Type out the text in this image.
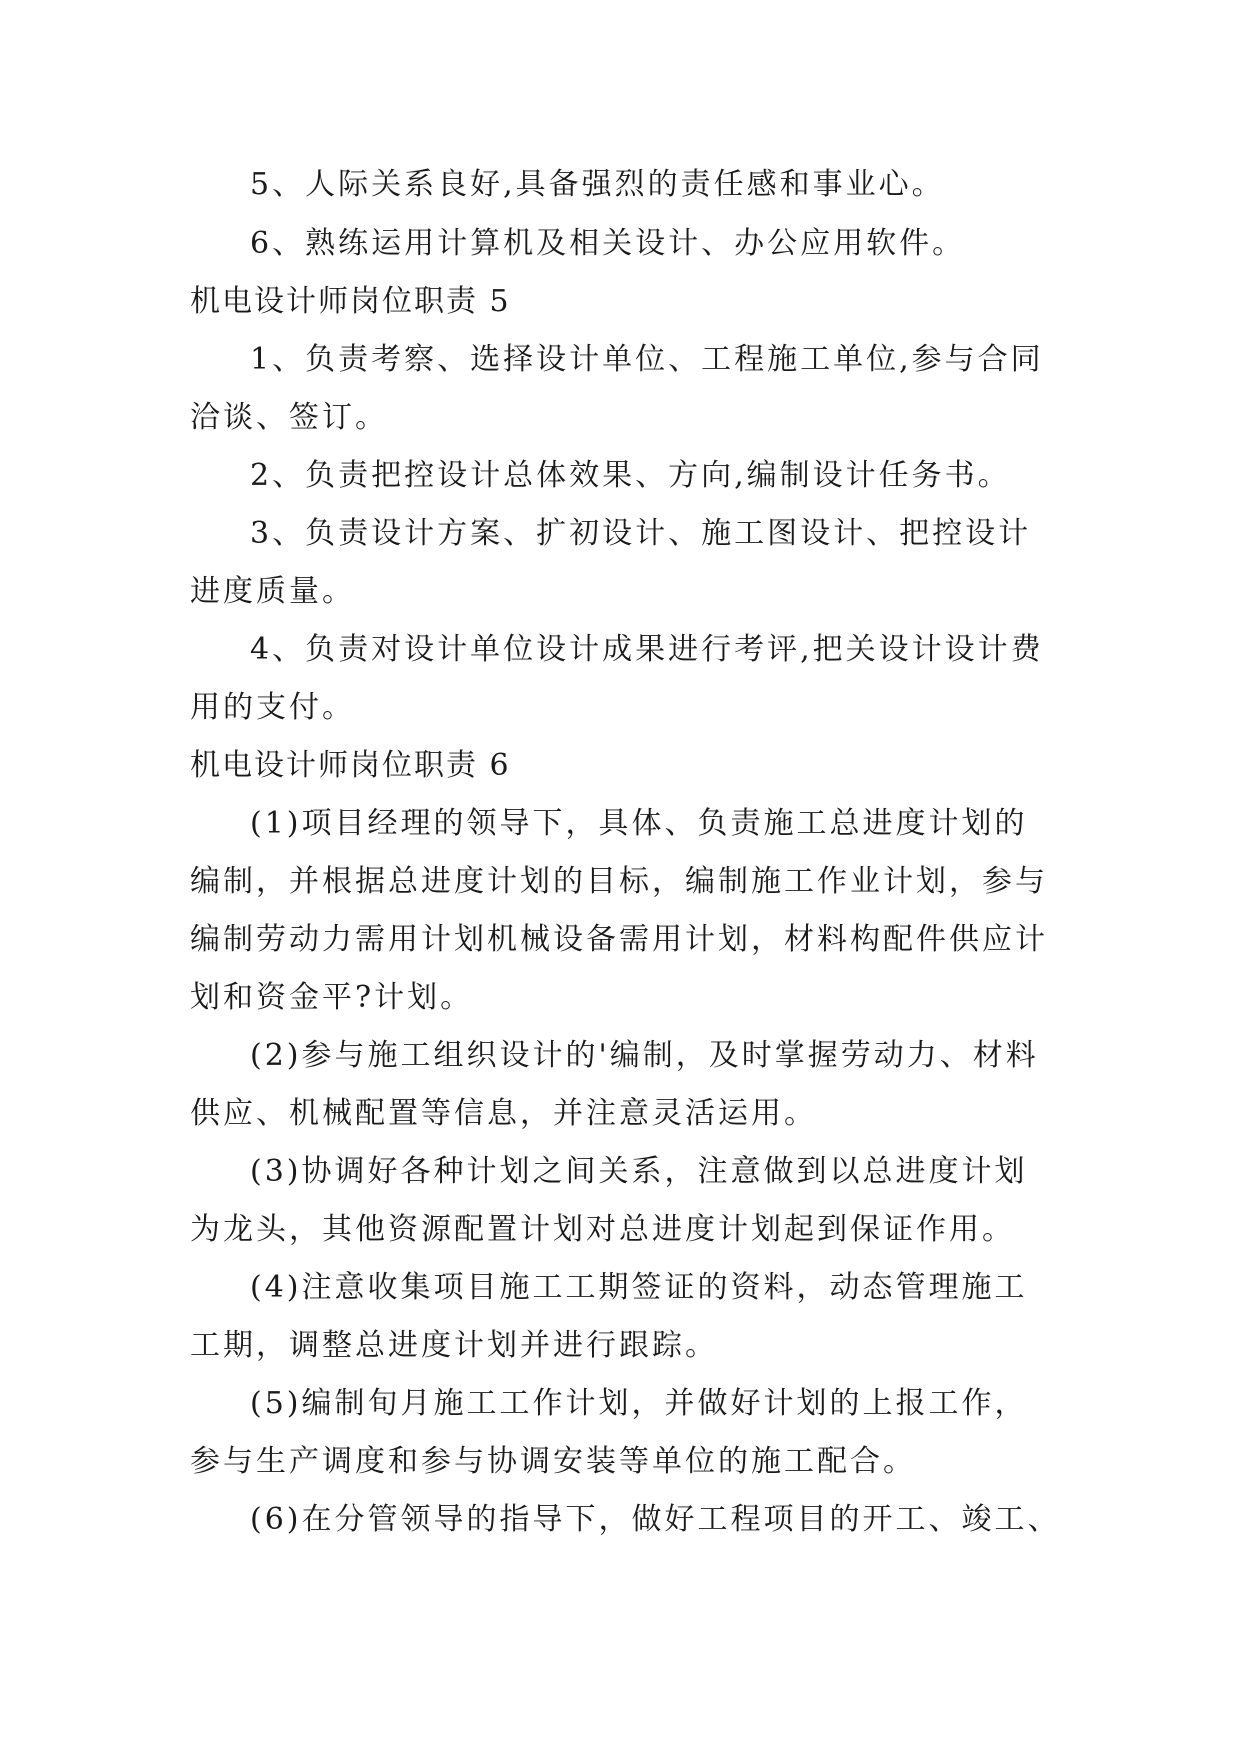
5、人际关系良好,具备强烈的责任感和事业心。

6、熟练运用计算机及相关设计、办公应用软件。

机电设计师岗位职责 5

1、负责考察、选择设计单位、工程施工单位,参与合同

洽谈、签订。

2、负责把控设计总体效果、方向,编制设计任务书。

3、负责设计方案、扩初设计、施工图设计、把控设计

进度质量。

4、负责对设计单位设计成果进行考评,把关设计设计费

用的支付。

机电设计师岗位职责 6

(1)项目经理的领导下，具体、负责施工总进度计划的

编制，并根据总进度计划的目标，编制施工作业计划，参与

编制劳动力需用计划机械设备需用计划，材料构配件供应计

划和资金平?计划。

(2)参与施工组织设计的'编制，及时掌握劳动力、材料

供应、机械配置等信息，并注意灵活运用。

(3)协调好各种计划之间关系，注意做到以总进度计划

为龙头，其他资源配置计划对总进度计划起到保证作用。

(4)注意收集项目施工工期签证的资料，动态管理施工

工期，调整总进度计划并进行跟踪。

(5)编制旬月施工工作计划，并做好计划的上报工作，

参与生产调度和参与协调安装等单位的施工配合。

(6)在分管领导的指导下，做好工程项目的开工、竣工、
